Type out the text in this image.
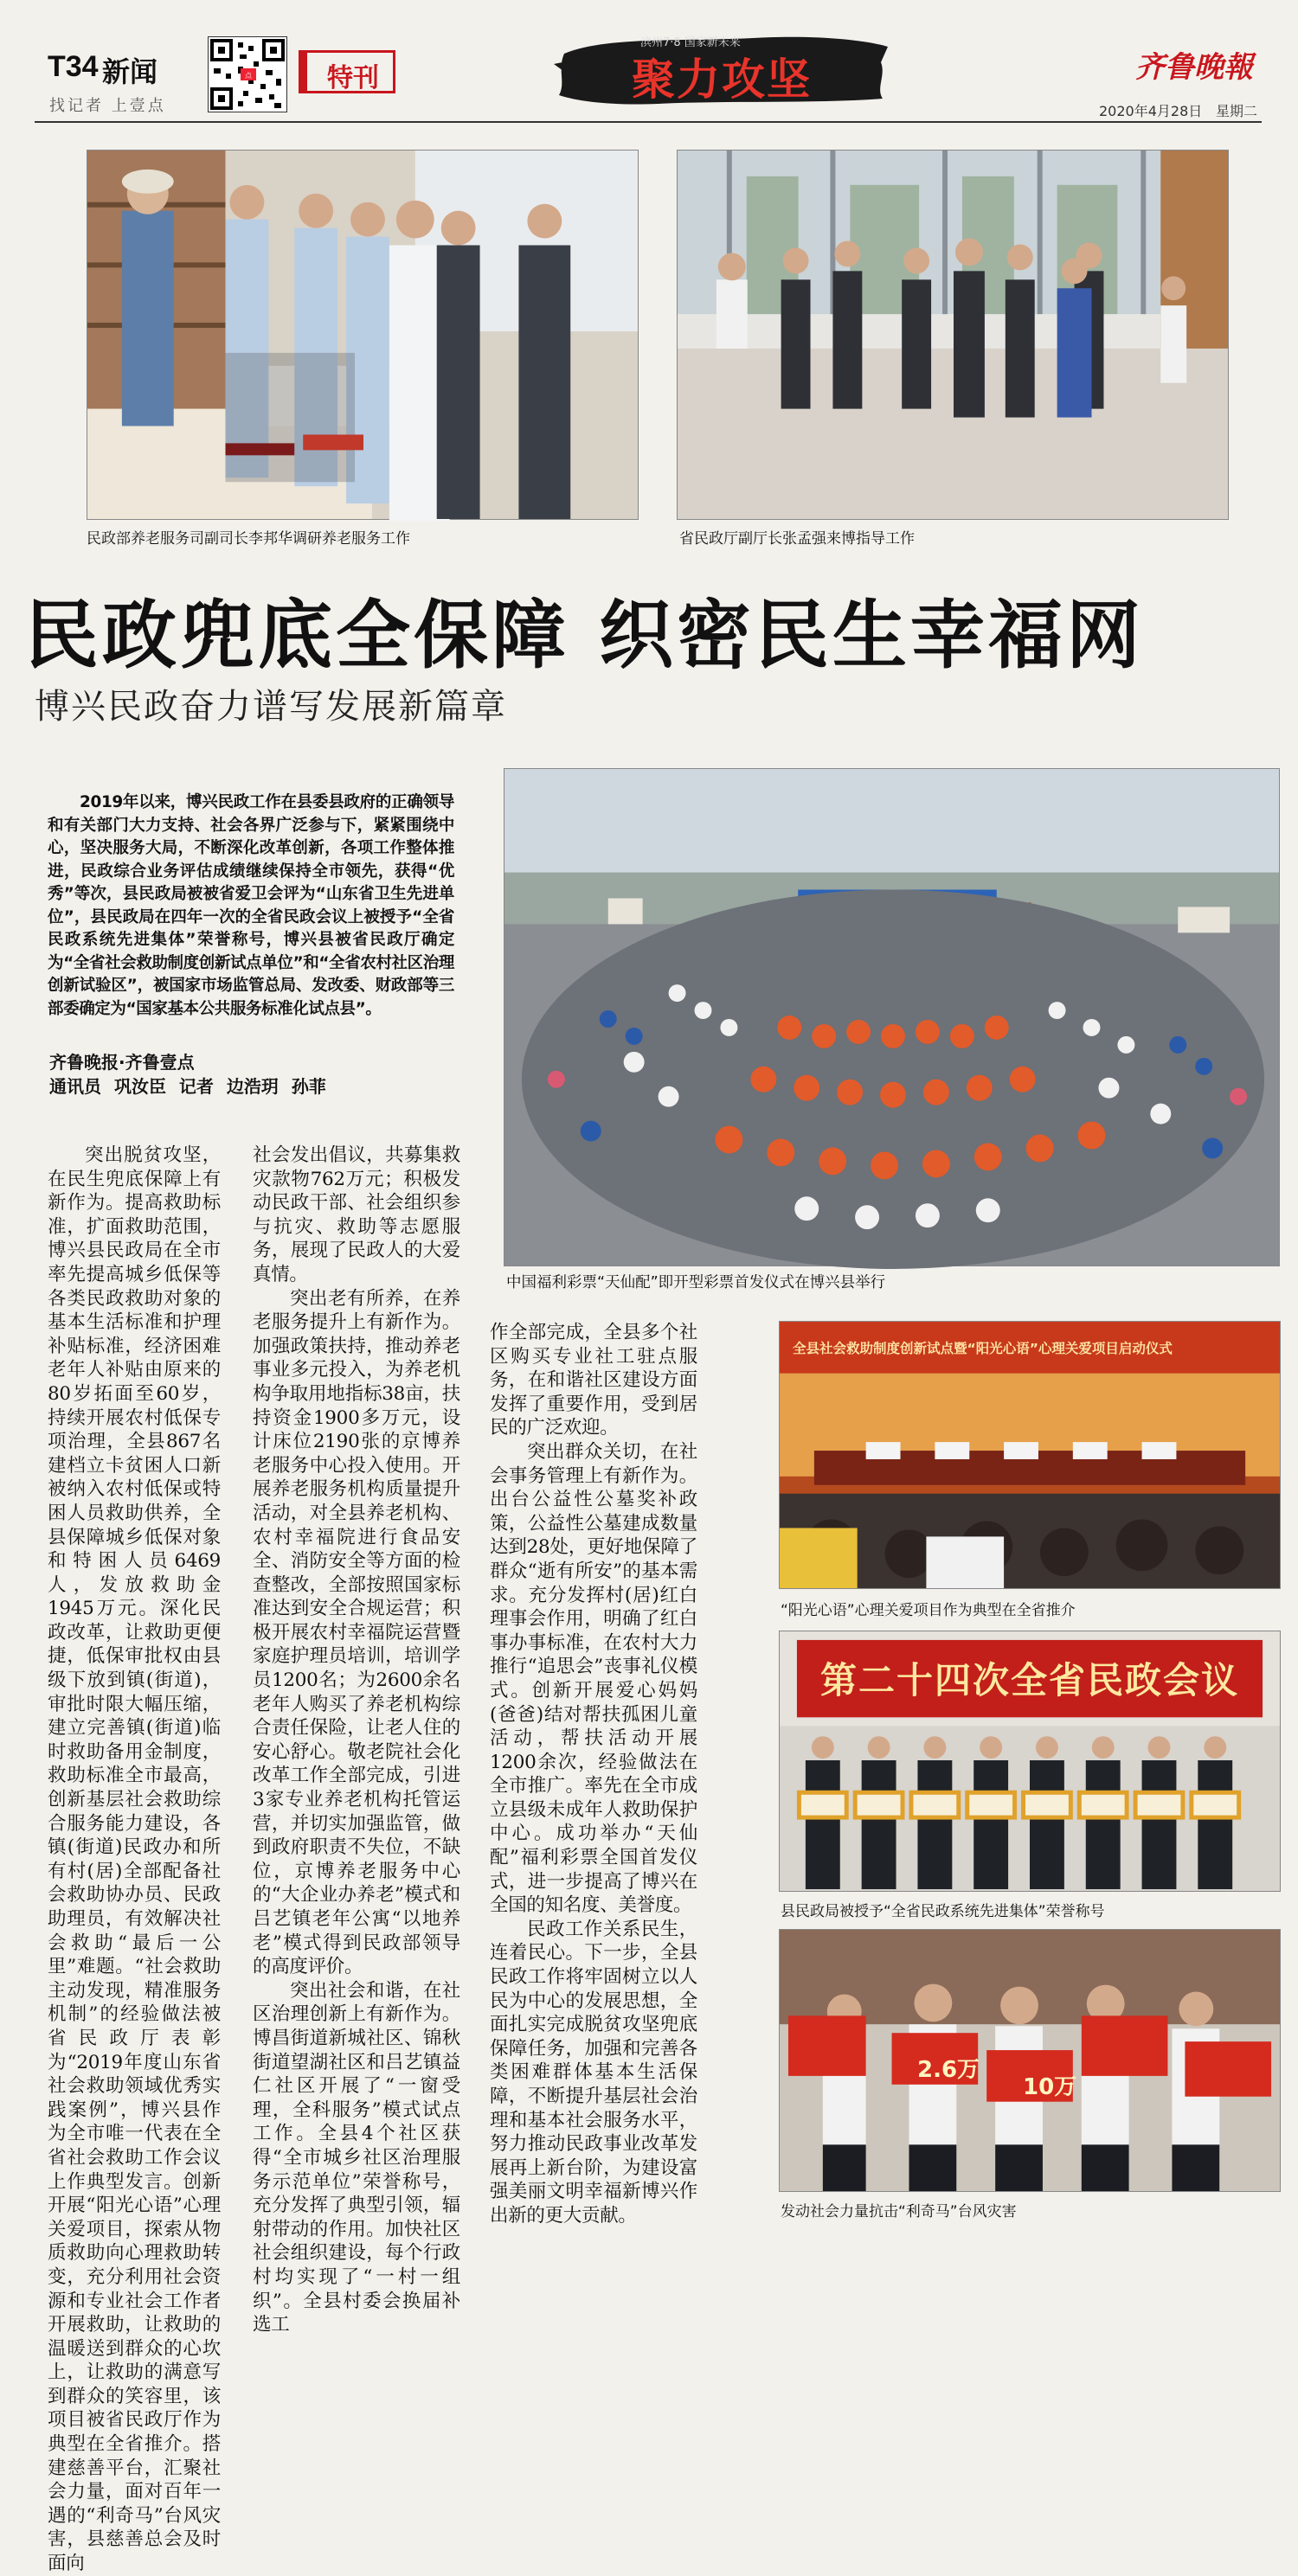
T34 新闻
找记者 上壹点
点	特刊
滨州7·8 国家新未来
聚力攻坚	齐鲁晚報
2020年4月28日 星期二
民政部养老服务司副司长李邦华调研养老服务工作	省民政厅副厅长张孟强来博指导工作
民政兜底全保障 织密民生幸福网
博兴民政奋力谱写发展新篇章
2019年以来，博兴民政工作在县委县政府的正确领导和有关部门大力支持、社会各界广泛参与下，紧紧围绕中心，坚决服务大局，不断深化改革创新，各项工作整体推进，民政综合业务评估成绩继续保持全市领先，获得“优秀”等次，县民政局被被省爱卫会评为“山东省卫生先进单位”，县民政局在四年一次的全省民政会议上被授予“全省民政系统先进集体”荣誉称号，博兴县被省民政厅确定为“全省社会救助制度创新试点单位”和“全省农村社区治理创新试验区”，被国家市场监管总局、发改委、财政部等三部委确定为“国家基本公共服务标准化试点县”。
齐鲁晚报·齐鲁壹点
通讯员 巩汝臣 记者 边浩玥 孙菲
中国福利彩票“天仙配”即开型彩票首发仪式在博兴县举行
全县社会救助制度创新试点暨“阳光心语”心理关爱项目启动仪式
“阳光心语”心理关爱项目作为典型在全省推介
第二十四次全省民政会议
县民政局被授予“全省民政系统先进集体”荣誉称号
2.6万
10万
发动社会力量抗击“利奇马”台风灾害

突出脱贫攻坚，在民生兜底保障上有新作为。提高救助标准，扩面救助范围，博兴县民政局在全市率先提高城乡低保等各类民政救助对象的基本生活标准和护理补贴标准，经济困难老年人补贴由原来的80岁拓面至60岁，持续开展农村低保专项治理，全县867名建档立卡贫困人口新被纳入农村低保或特困人员救助供养，全县保障城乡低保对象和特困人员6469人，发放救助金1945万元。深化民政改革，让救助更便捷，低保审批权由县级下放到镇(街道)，审批时限大幅压缩，建立完善镇(街道)临时救助备用金制度，救助标准全市最高，创新基层社会救助综合服务能力建设，各镇(街道)民政办和所有村(居)全部配备社会救助协办员、民政助理员，有效解决社会救助“最后一公里”难题。“社会救助主动发现，精准服务机制”的经验做法被省民政厅表彰为“2019年度山东省社会救助领域优秀实践案例”，博兴县作为全市唯一代表在全省社会救助工作会议上作典型发言。创新开展“阳光心语”心理关爱项目，探索从物质救助向心理救助转变，充分利用社会资源和专业社会工作者开展救助，让救助的温暖送到群众的心坎上，让救助的满意写到群众的笑容里，该项目被省民政厅作为典型在全省推介。搭建慈善平台，汇聚社会力量，面对百年一遇的“利奇马”台风灾害，县慈善总会及时面向

社会发出倡议，共募集救灾款物762万元；积极发动民政干部、社会组织参与抗灾、救助等志愿服务，展现了民政人的大爱真情。

突出老有所养，在养老服务提升上有新作为。加强政策扶持，推动养老事业多元投入，为养老机构争取用地指标38亩，扶持资金1900多万元，设计床位2190张的京博养老服务中心投入使用。开展养老服务机构质量提升活动，对全县养老机构、农村幸福院进行食品安全、消防安全等方面的检查整改，全部按照国家标准达到安全合规运营；积极开展农村幸福院运营暨家庭护理员培训，培训学员1200名；为2600余名老年人购买了养老机构综合责任保险，让老人住的安心舒心。敬老院社会化改革工作全部完成，引进3家专业养老机构托管运营，并切实加强监管，做到政府职责不失位，不缺位，京博养老服务中心的“大企业办养老”模式和吕艺镇老年公寓“以地养老”模式得到民政部领导的高度评价。

突出社会和谐，在社区治理创新上有新作为。博昌街道新城社区、锦秋街道望湖社区和吕艺镇益仁社区开展了“一窗受理，全科服务”模式试点工作。全县4个社区获得“全市城乡社区治理服务示范单位”荣誉称号，充分发挥了典型引领，辐射带动的作用。加快社区社会组织建设，每个行政村均实现了“一村一组织”。全县村委会换届补选工

作全部完成，全县多个社区购买专业社工驻点服务，在和谐社区建设方面发挥了重要作用，受到居民的广泛欢迎。

突出群众关切，在社会事务管理上有新作为。出台公益性公墓奖补政策，公益性公墓建成数量达到28处，更好地保障了群众“逝有所安”的基本需求。充分发挥村(居)红白理事会作用，明确了红白事办事标准，在农村大力推行“追思会”丧事礼仪模式。创新开展爱心妈妈(爸爸)结对帮扶孤困儿童活动，帮扶活动开展1200余次，经验做法在全市推广。率先在全市成立县级未成年人救助保护中心。成功举办“天仙配”福利彩票全国首发仪式，进一步提高了博兴在全国的知名度、美誉度。

民政工作关系民生，连着民心。下一步，全县民政工作将牢固树立以人民为中心的发展思想，全面扎实完成脱贫攻坚兜底保障任务，加强和完善各类困难群体基本生活保障，不断提升基层社会治理和基本社会服务水平，努力推动民政事业改革发展再上新台阶，为建设富强美丽文明幸福新博兴作出新的更大贡献。
